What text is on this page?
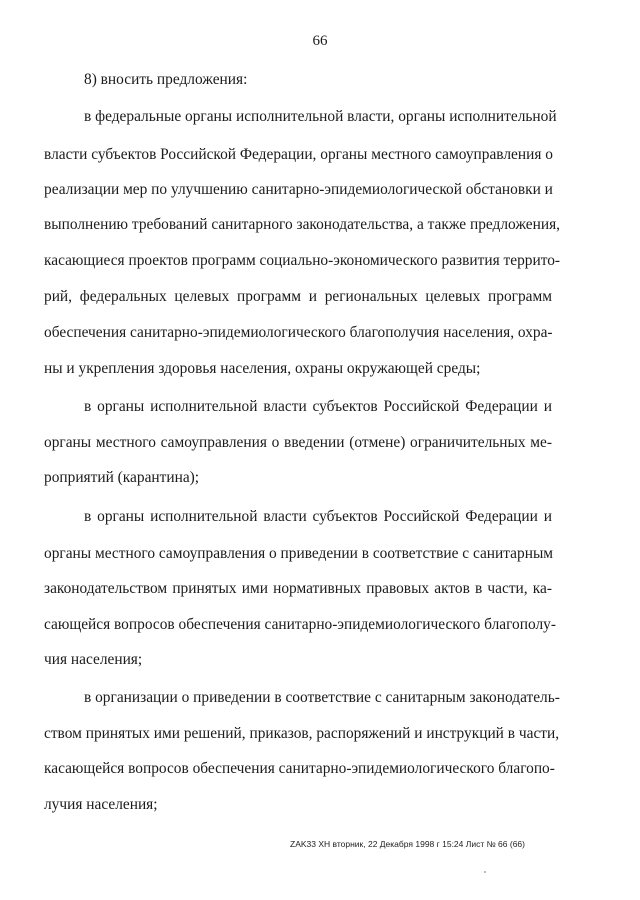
66
8) вносить предложения:
в федеральные органы исполнительной власти, органы исполнительной
власти субъектов Российской Федерации, органы местного самоуправления о
реализации мер по улучшению санитарно-эпидемиологической обстановки и
выполнению требований санитарного законодательства, а также предложения,
касающиеся проектов программ социально-экономического развития террито-
рий, федеральных целевых программ и региональных целевых программ
обеспечения санитарно-эпидемиологического благополучия населения, охра-
ны и укрепления здоровья населения, охраны окружающей среды;
в органы исполнительной власти субъектов Российской Федерации и
органы местного самоуправления о введении (отмене) ограничительных ме-
роприятий (карантина);
в органы исполнительной власти субъектов Российской Федерации и
органы местного самоуправления о приведении в соответствие с санитарным
законодательством принятых ими нормативных правовых актов в части, ка-
сающейся вопросов обеспечения санитарно-эпидемиологического благополу-
чия населения;
в организации о приведении в соответствие с санитарным законодатель-
ством принятых ими решений, приказов, распоряжений и инструкций в части,
касающейся вопросов обеспечения санитарно-эпидемиологического благопо-
лучия населения;
ZAK33 XH вторник, 22 Декабря 1998 г 15:24 Лист № 66 (66)
